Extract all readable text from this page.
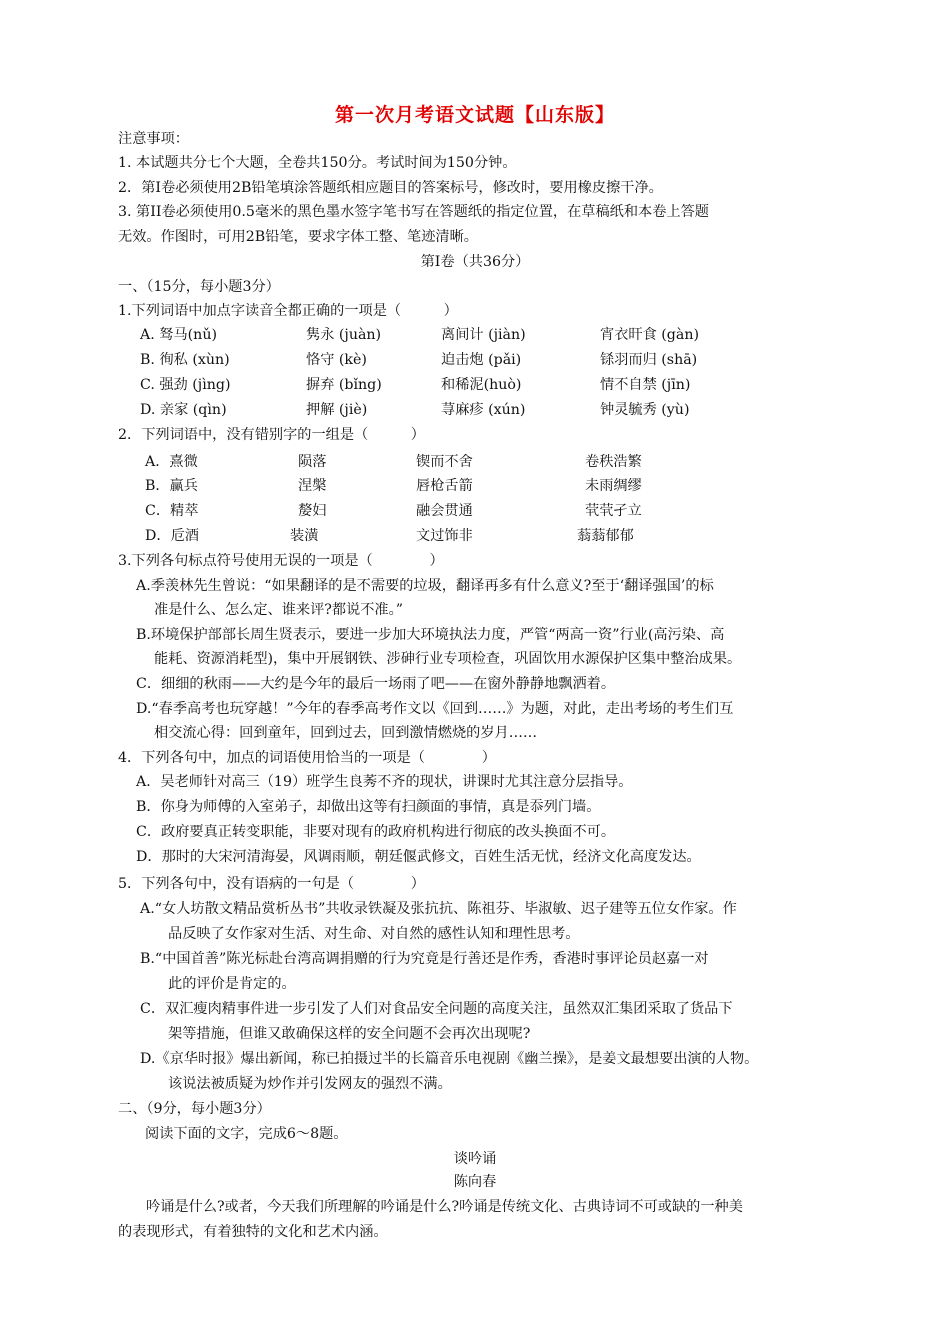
第一次月考语文试题【山东版】
注意事项：
1. 本试题共分七个大题，全卷共150分。考试时间为150分钟。
2．第Ⅰ卷必须使用2B铅笔填涂答题纸相应题目的答案标号，修改时，要用橡皮擦干净。
3. 第II卷必须使用0.5毫米的黑色墨水签字笔书写在答题纸的指定位置，在草稿纸和本卷上答题
无效。作图时，可用2B铅笔，要求字体工整、笔迹清晰。
第Ⅰ卷（共36分）
一、（15分，每小题3分）
1.下列词语中加点字读音全都正确的一项是（　　　）
A. 驽马(nǔ)	隽永 (juàn)	离间计 (jiàn)	宵衣旰食 (gàn)
B. 徇私 (xùn)	恪守 (kè)	迫击炮 (pǎi)	铩羽而归 (shā)
C. 强劲 (jìng)	摒弃 (bǐng)	和稀泥(huò)	情不自禁 (jīn)
D. 亲家 (qìn)	押解 (jiè)	荨麻疹 (xún)	钟灵毓秀 (yù)
2．下列词语中，没有错别字的一组是（　　　）
A．熹微	陨落	锲而不舍	卷秩浩繁
B．赢兵	涅槃	唇枪舌箭	未雨绸缪
C．精萃	嫠妇	融会贯通	茕茕孑立
D．卮酒	装潢	文过饰非	蓊蓊郁郁
3.下列各句标点符号使用无误的一项是（　　　　）
A.季羡林先生曾说：“如果翻译的是不需要的垃圾，翻译再多有什么意义?至于‘翻译强国’的标
准是什么、怎么定、谁来评?都说不准。”
B.环境保护部部长周生贤表示，要进一步加大环境执法力度，严管“两高一资”行业(高污染、高
能耗、资源消耗型)，集中开展钢铁、涉砷行业专项检查，巩固饮用水源保护区集中整治成果。
C．细细的秋雨——大约是今年的最后一场雨了吧——在窗外静静地飘洒着。
D.“春季高考也玩穿越！”今年的春季高考作文以《回到……》为题，对此，走出考场的考生们互
相交流心得：回到童年，回到过去，回到激情燃烧的岁月……
4．下列各句中，加点的词语使用恰当的一项是（　　　　）
A．吴老师针对高三（19）班学生良莠不齐的现状，讲课时尤其注意分层指导。
B．你身为师傅的入室弟子，却做出这等有扫颜面的事情，真是忝列门墙。
C．政府要真正转变职能，非要对现有的政府机构进行彻底的改头换面不可。
D．那时的大宋河清海晏，风调雨顺，朝廷偃武修文，百姓生活无忧，经济文化高度发达。
5．下列各句中，没有语病的一句是（　　　　）
A.“女人坊散文精品赏析丛书”共收录铁凝及张抗抗、陈祖芬、毕淑敏、迟子建等五位女作家。作
品反映了女作家对生活、对生命、对自然的感性认知和理性思考。
B.“中国首善”陈光标赴台湾高调捐赠的行为究竟是行善还是作秀，香港时事评论员赵嘉一对
此的评价是肯定的。
C．双汇瘦肉精事件进一步引发了人们对食品安全问题的高度关注，虽然双汇集团采取了货品下
架等措施，但谁又敢确保这样的安全问题不会再次出现呢?
D.《京华时报》爆出新闻，称已拍摄过半的长篇音乐电视剧《幽兰操》，是姜文最想要出演的人物。
该说法被质疑为炒作并引发网友的强烈不满。
二、（9分，每小题3分）
阅读下面的文字，完成6～8题。
谈吟诵
陈向春
吟诵是什么?或者，今天我们所理解的吟诵是什么?吟诵是传统文化、古典诗词不可或缺的一种美
的表现形式，有着独特的文化和艺术内涵。
